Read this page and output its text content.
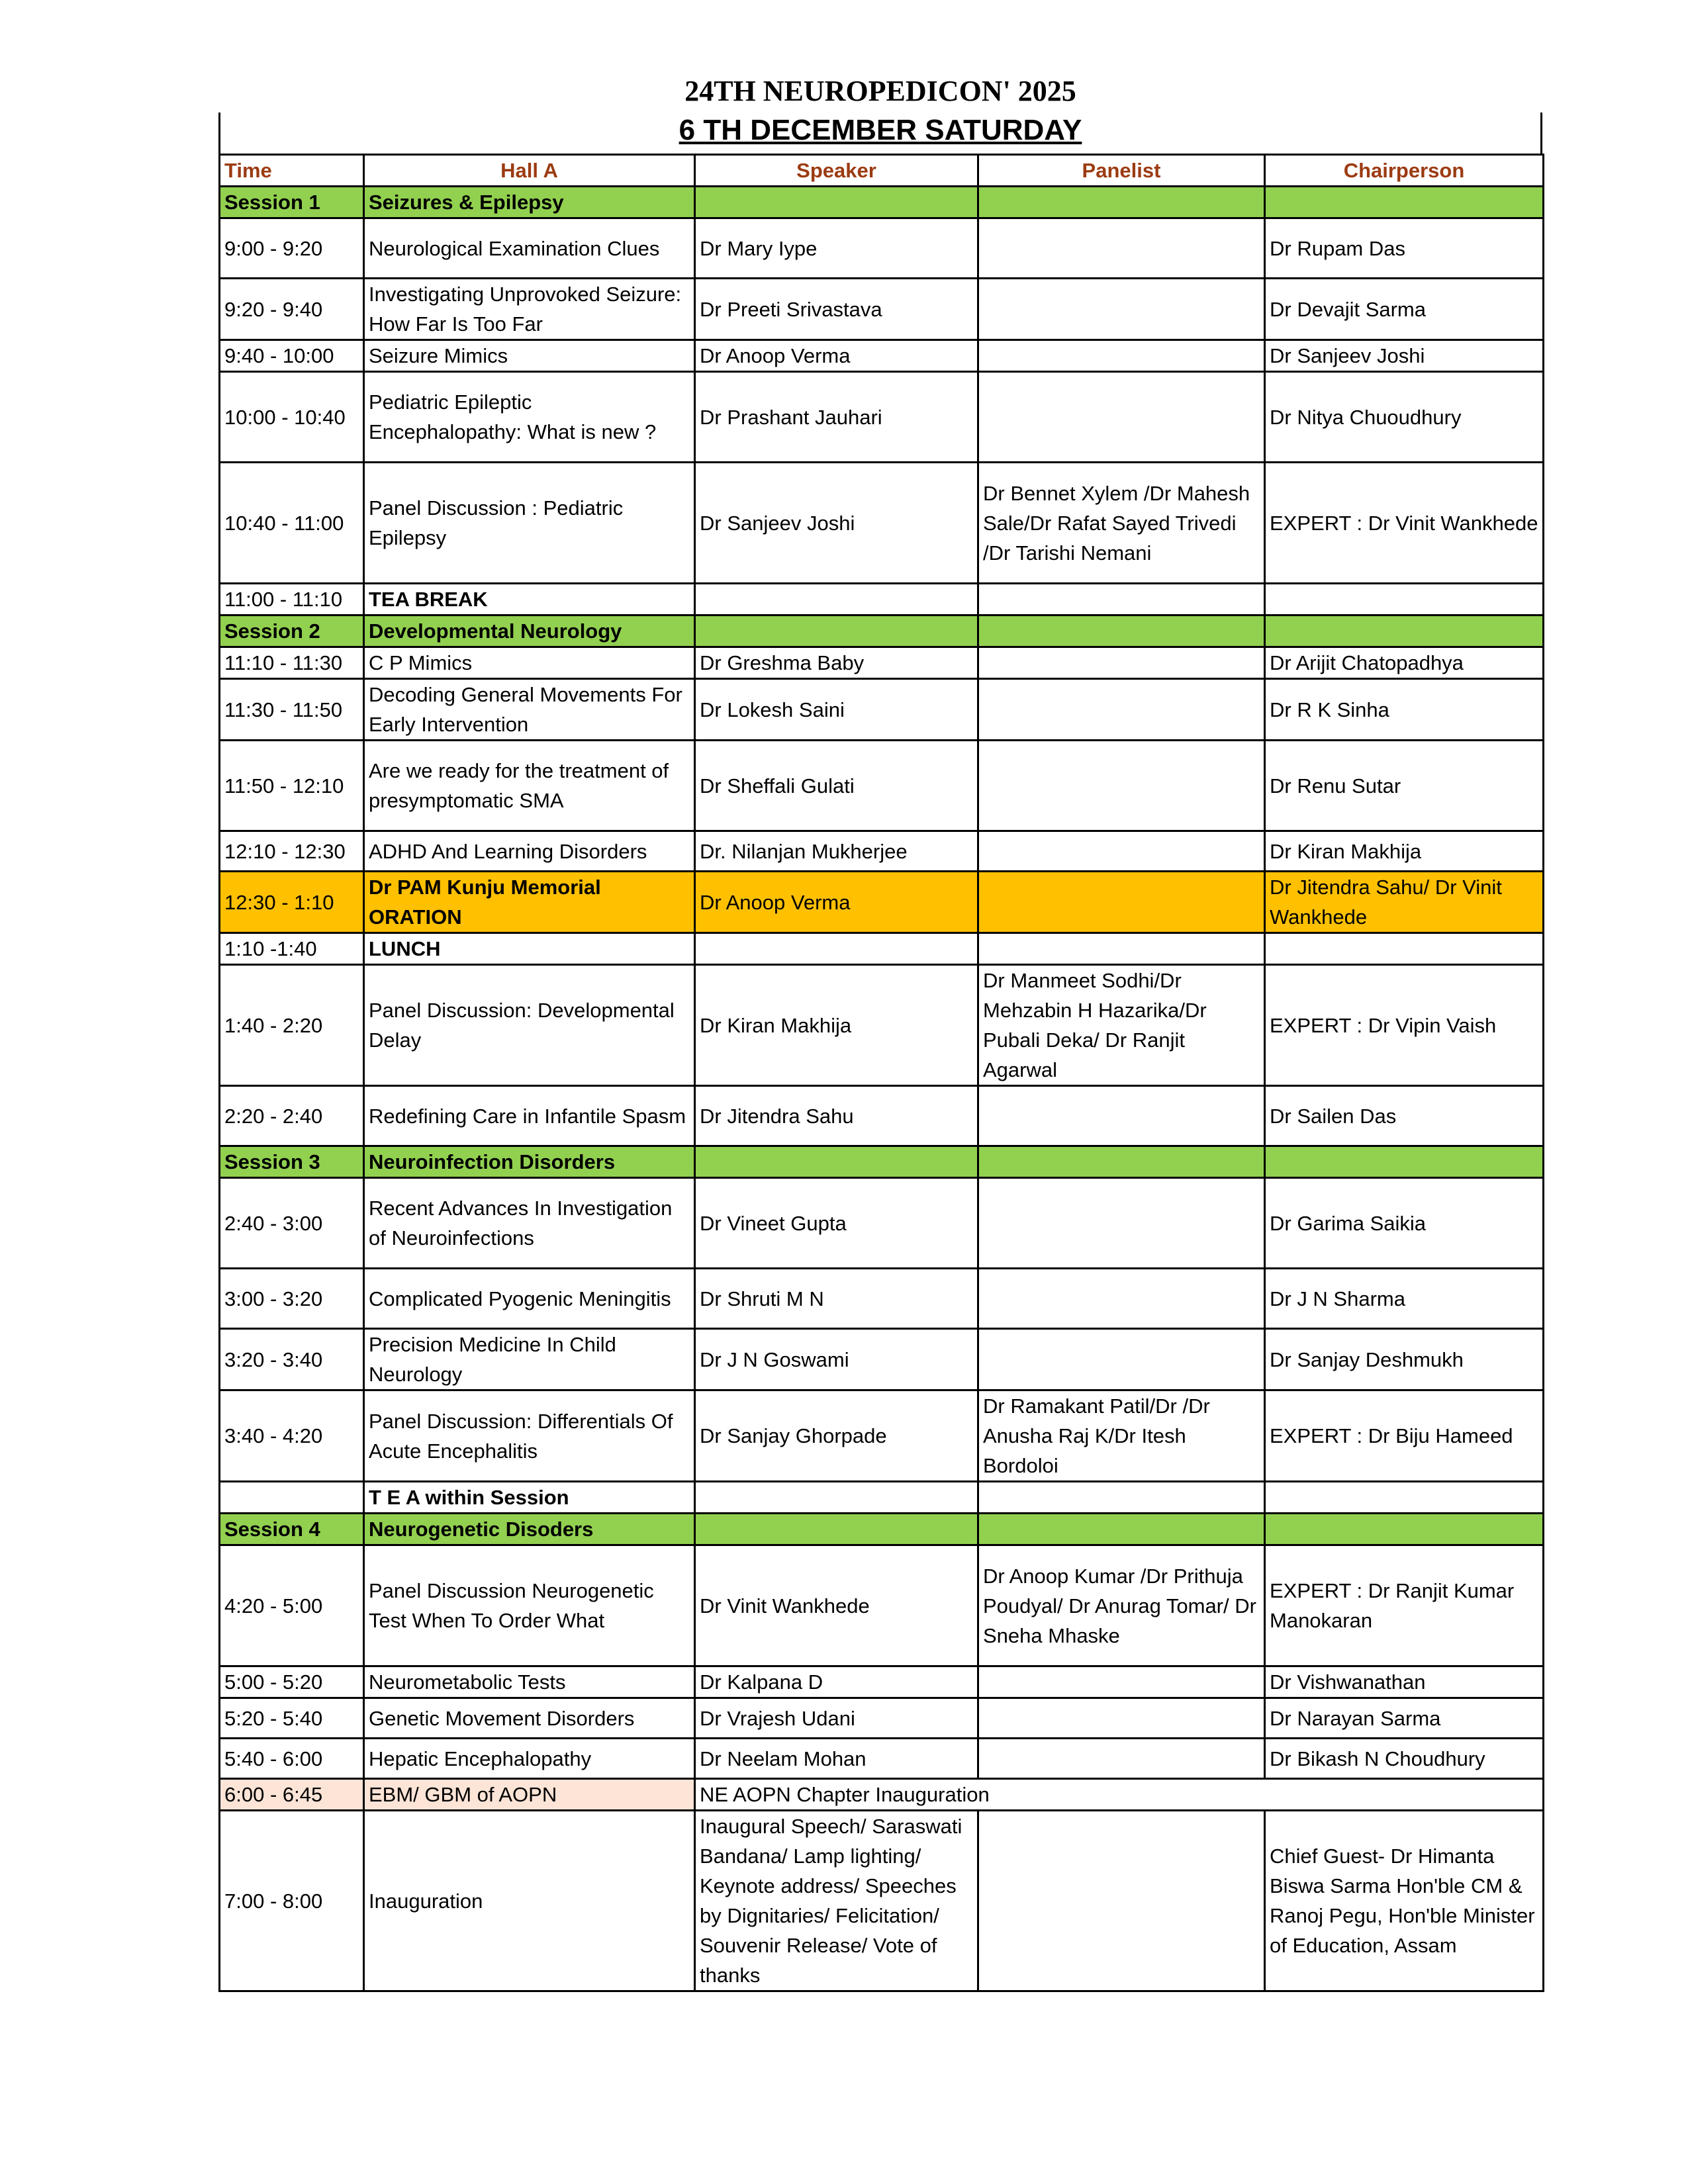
24TH NEUROPEDICON' 2025
6 TH DECEMBER SATURDAY
Time	Hall A	Speaker	Panelist	Chairperson
Session 1	Seizures & Epilepsy			
9:00 - 9:20	Neurological Examination Clues	Dr Mary Iype		Dr Rupam Das
9:20 - 9:40	Investigating Unprovoked Seizure: How Far Is Too Far	Dr Preeti Srivastava		Dr Devajit Sarma
9:40 - 10:00	Seizure Mimics	Dr Anoop Verma		Dr Sanjeev Joshi
10:00 - 10:40	Pediatric Epileptic Encephalopathy: What is new ?	Dr Prashant Jauhari		Dr Nitya Chuoudhury
10:40 - 11:00	Panel Discussion : Pediatric Epilepsy	Dr Sanjeev Joshi	Dr Bennet Xylem /Dr Mahesh Sale/Dr Rafat Sayed Trivedi /Dr Tarishi Nemani	EXPERT : Dr Vinit Wankhede
11:00 - 11:10	TEA BREAK			
Session 2	Developmental Neurology			
11:10 - 11:30	C P Mimics	Dr Greshma Baby		Dr Arijit Chatopadhya
11:30 - 11:50	Decoding General Movements For Early Intervention	Dr Lokesh Saini		Dr R K Sinha
11:50 - 12:10	Are we ready for the treatment of presymptomatic SMA	Dr Sheffali Gulati		Dr Renu Sutar
12:10 - 12:30	ADHD And Learning Disorders	Dr. Nilanjan Mukherjee		Dr Kiran Makhija
12:30 - 1:10	Dr PAM Kunju Memorial ORATION	Dr Anoop Verma		Dr Jitendra Sahu/ Dr Vinit Wankhede
1:10 -1:40	LUNCH			
1:40 - 2:20	Panel Discussion: Developmental Delay	Dr Kiran Makhija	Dr Manmeet Sodhi/Dr Mehzabin H Hazarika/Dr Pubali Deka/ Dr Ranjit Agarwal	EXPERT : Dr Vipin Vaish
2:20 - 2:40	Redefining Care in Infantile Spasm	Dr Jitendra Sahu		Dr Sailen Das
Session 3	Neuroinfection Disorders			
2:40 - 3:00	Recent Advances In Investigation of Neuroinfections	Dr Vineet Gupta		Dr Garima Saikia
3:00 - 3:20	Complicated Pyogenic Meningitis	Dr Shruti M N		Dr J N Sharma
3:20 - 3:40	Precision Medicine In Child Neurology	Dr J N Goswami		Dr Sanjay Deshmukh
3:40 - 4:20	Panel Discussion: Differentials Of Acute Encephalitis	Dr Sanjay Ghorpade	Dr Ramakant Patil/Dr /Dr Anusha Raj K/Dr Itesh Bordoloi	EXPERT : Dr Biju Hameed
	T E A within Session			
Session 4	Neurogenetic Disoders			
4:20 - 5:00	Panel Discussion Neurogenetic Test When To Order What	Dr Vinit Wankhede	Dr Anoop Kumar /Dr Prithuja Poudyal/ Dr Anurag Tomar/ Dr Sneha Mhaske	EXPERT : Dr Ranjit Kumar Manokaran
5:00 - 5:20	Neurometabolic Tests	Dr Kalpana D		Dr Vishwanathan
5:20 - 5:40	Genetic Movement Disorders	Dr Vrajesh Udani		Dr Narayan Sarma
5:40 - 6:00	Hepatic Encephalopathy	Dr Neelam Mohan		Dr Bikash N Choudhury
6:00 - 6:45	EBM/ GBM of AOPN	NE AOPN Chapter Inauguration		
7:00 - 8:00	Inauguration	Inaugural Speech/ Saraswati Bandana/ Lamp lighting/ Keynote address/ Speeches by Dignitaries/ Felicitation/ Souvenir Release/ Vote of thanks		Chief Guest- Dr Himanta Biswa Sarma Hon'ble CM & Ranoj Pegu, Hon'ble Minister of Education, Assam
